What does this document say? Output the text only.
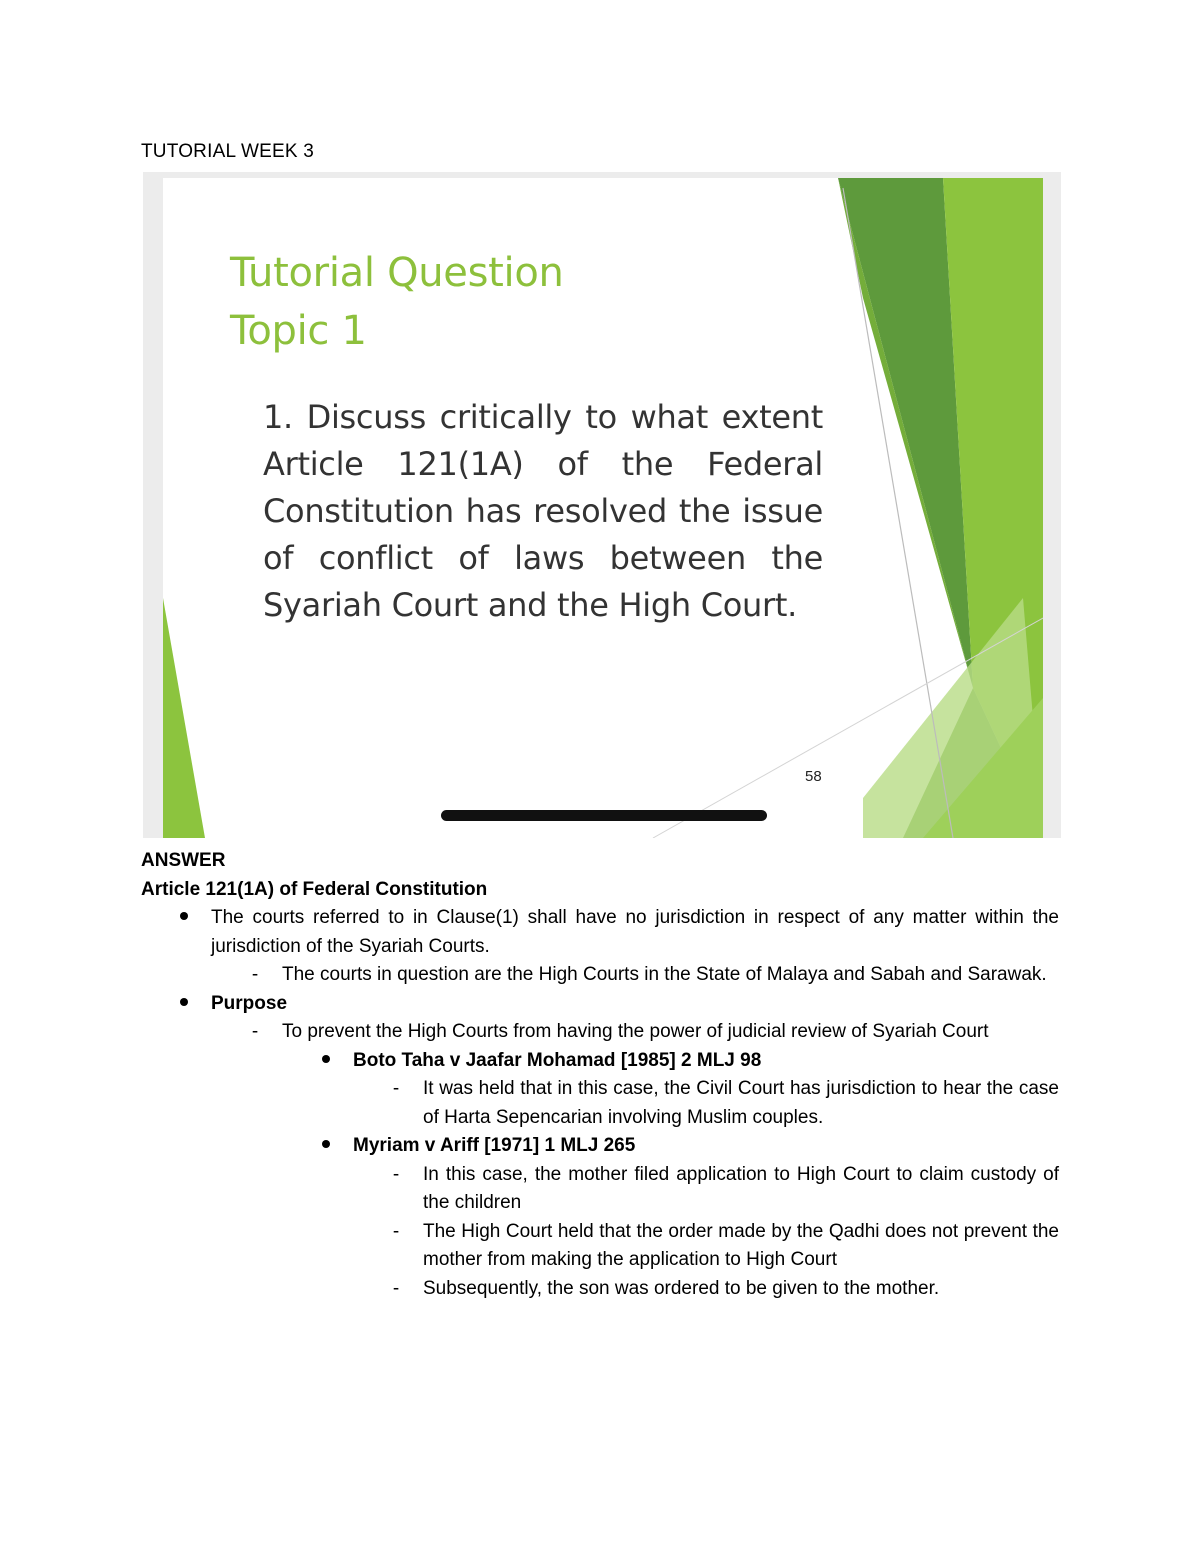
TUTORIAL WEEK 3
Tutorial Question
Topic 1
1. Discuss critically to what extent Article 121(1A) of the Federal Constitution has resolved the issue of conflict of laws between the Syariah Court and the High Court.
58
ANSWER
Article 121(1A) of Federal Constitution
The courts referred to in Clause(1) shall have no jurisdiction in respect of any matter within the jurisdiction of the Syariah Courts.
-	The courts in question are the High Courts in the State of Malaya and Sabah and Sarawak.
Purpose
-	To prevent the High Courts from having the power of judicial review of Syariah Court
Boto Taha v Jaafar Mohamad [1985] 2 MLJ 98
-	It was held that in this case, the Civil Court has jurisdiction to hear the case of Harta Sepencarian involving Muslim couples.
Myriam v Ariff [1971] 1 MLJ 265
-	In this case, the mother filed application to High Court to claim custody of the children
-	The High Court held that the order made by the Qadhi does not prevent the mother from making the application to High Court
-	Subsequently, the son was ordered to be given to the mother.
